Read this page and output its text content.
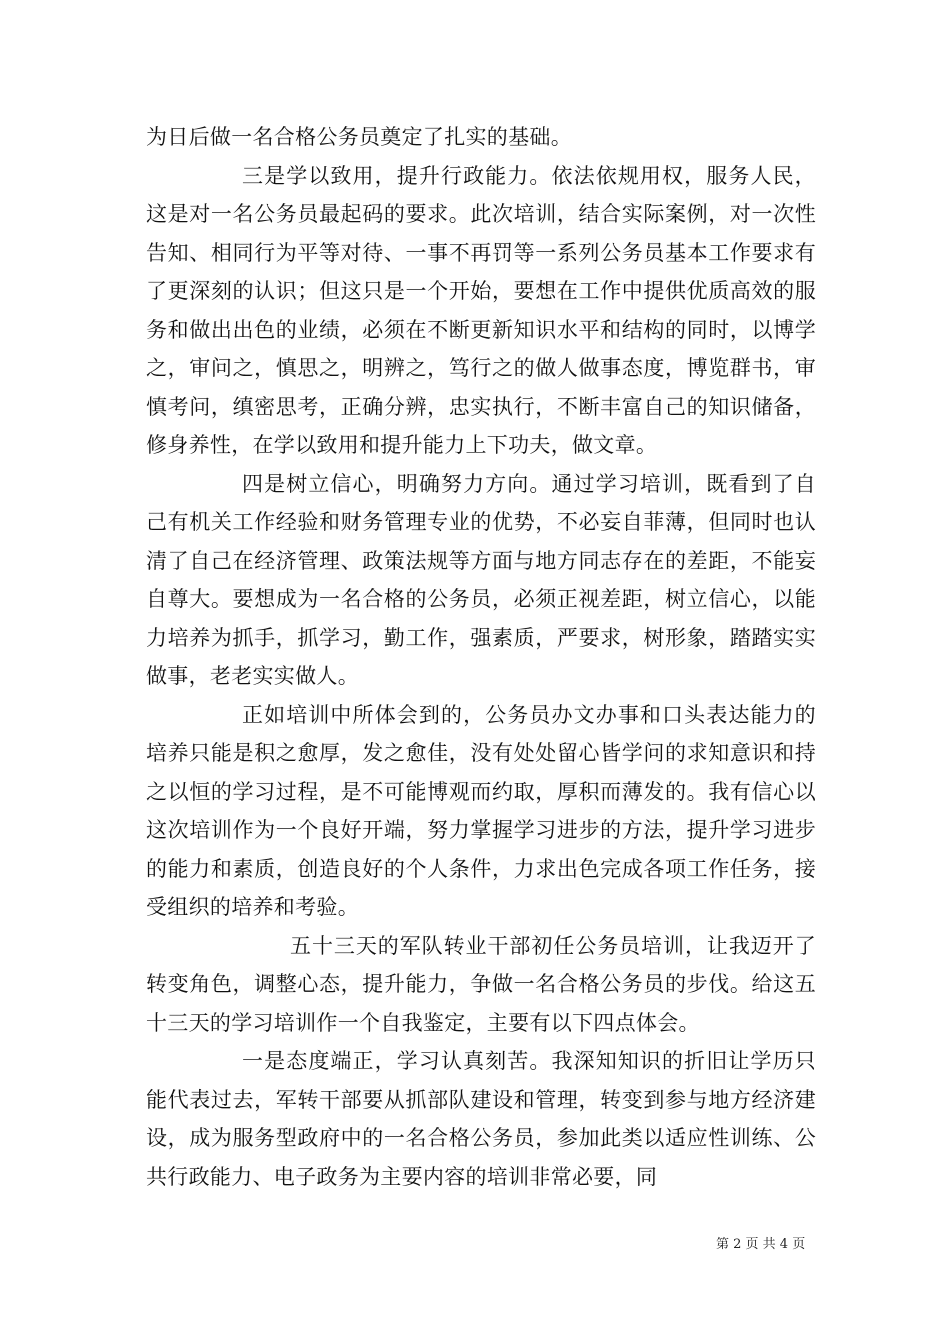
为日后做一名合格公务员奠定了扎实的基础。

三是学以致用，提升行政能力。依法依规用权，服务人民，这是对一名公务员最起码的要求。此次培训，结合实际案例，对一次性告知、相同行为平等对待、一事不再罚等一系列公务员基本工作要求有了更深刻的认识；但这只是一个开始，要想在工作中提供优质高效的服务和做出出色的业绩，必须在不断更新知识水平和结构的同时，以博学之，审问之，慎思之，明辨之，笃行之的做人做事态度，博览群书，审慎考问，缜密思考，正确分辨，忠实执行，不断丰富自己的知识储备，修身养性，在学以致用和提升能力上下功夫，做文章。

四是树立信心，明确努力方向。通过学习培训，既看到了自己有机关工作经验和财务管理专业的优势，不必妄自菲薄，但同时也认清了自己在经济管理、政策法规等方面与地方同志存在的差距，不能妄自尊大。要想成为一名合格的公务员，必须正视差距，树立信心，以能力培养为抓手，抓学习，勤工作，强素质，严要求，树形象，踏踏实实做事，老老实实做人。

正如培训中所体会到的，公务员办文办事和口头表达能力的培养只能是积之愈厚，发之愈佳，没有处处留心皆学问的求知意识和持之以恒的学习过程，是不可能博观而约取，厚积而薄发的。我有信心以这次培训作为一个良好开端，努力掌握学习进步的方法，提升学习进步的能力和素质，创造良好的个人条件，力求出色完成各项工作任务，接受组织的培养和考验。

五十三天的军队转业干部初任公务员培训，让我迈开了转变角色，调整心态，提升能力，争做一名合格公务员的步伐。给这五十三天的学习培训作一个自我鉴定，主要有以下四点体会。

一是态度端正，学习认真刻苦。我深知知识的折旧让学历只能代表过去，军转干部要从抓部队建设和管理，转变到参与地方经济建设，成为服务型政府中的一名合格公务员，参加此类以适应性训练、公共行政能力、电子政务为主要内容的培训非常必要，同

第 2 页 共 4 页
